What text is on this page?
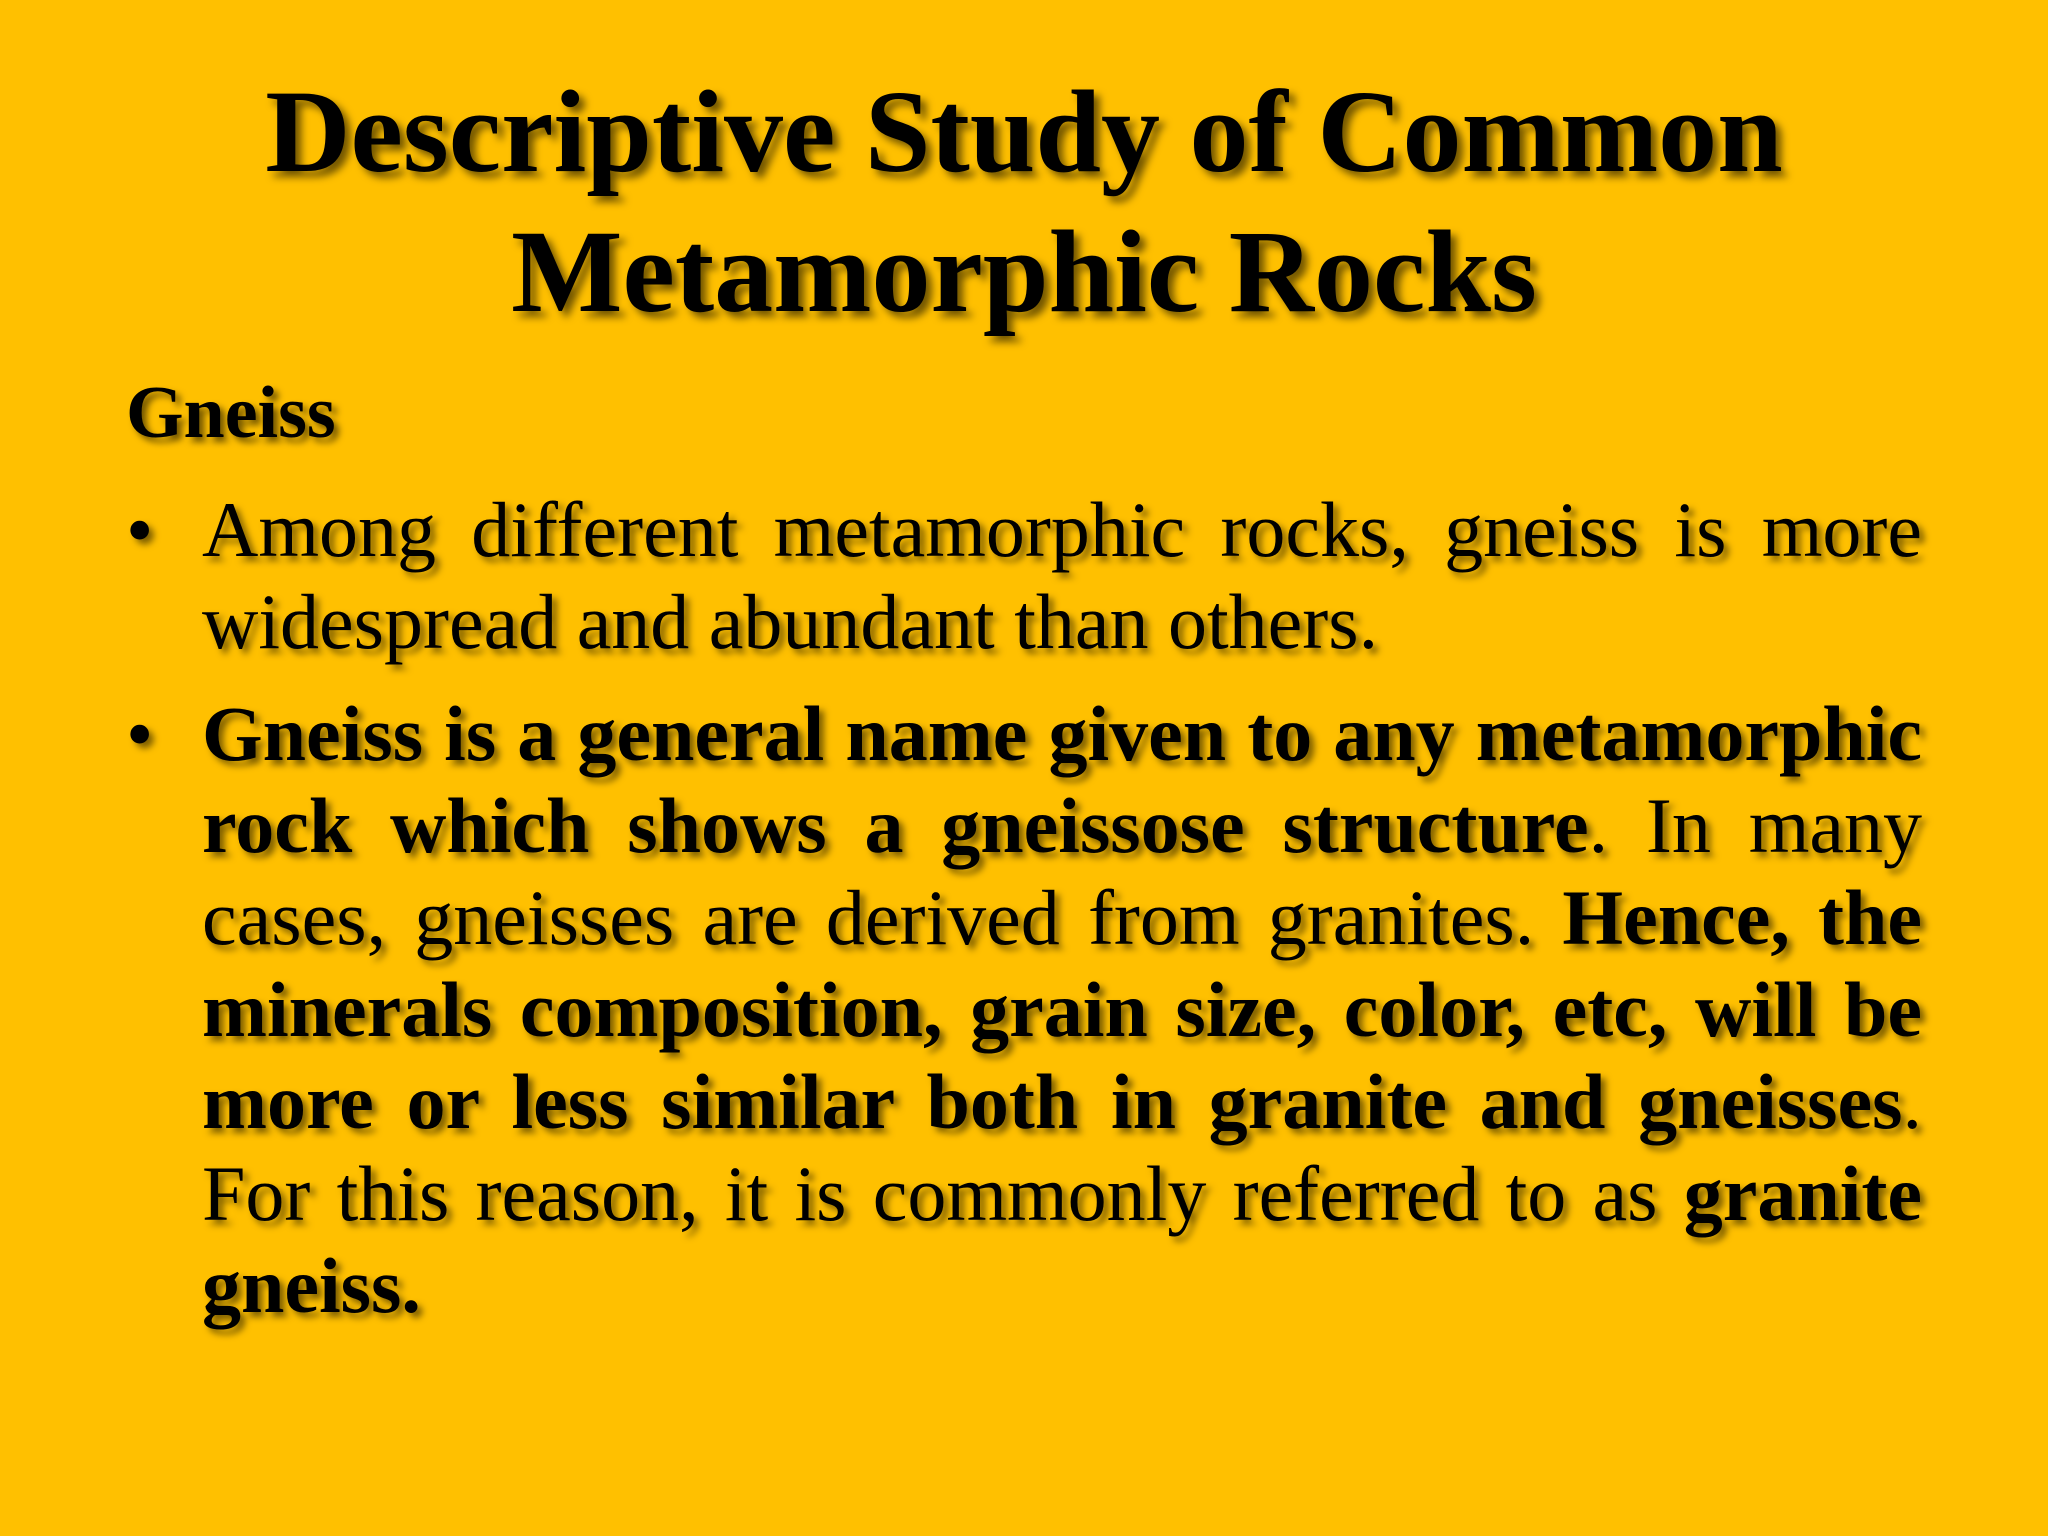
Descriptive Study of Common
Metamorphic Rocks
Gneiss
• Among different metamorphic rocks, gneiss is more widespread and abundant than others.
• Gneiss is a general name given to any metamorphic rock which shows a gneissose structure. In many cases, gneisses are derived from granites. Hence, the minerals composition, grain size, color, etc, will be more or less similar both in granite and gneisses. For this reason, it is commonly referred to as granite gneiss.
